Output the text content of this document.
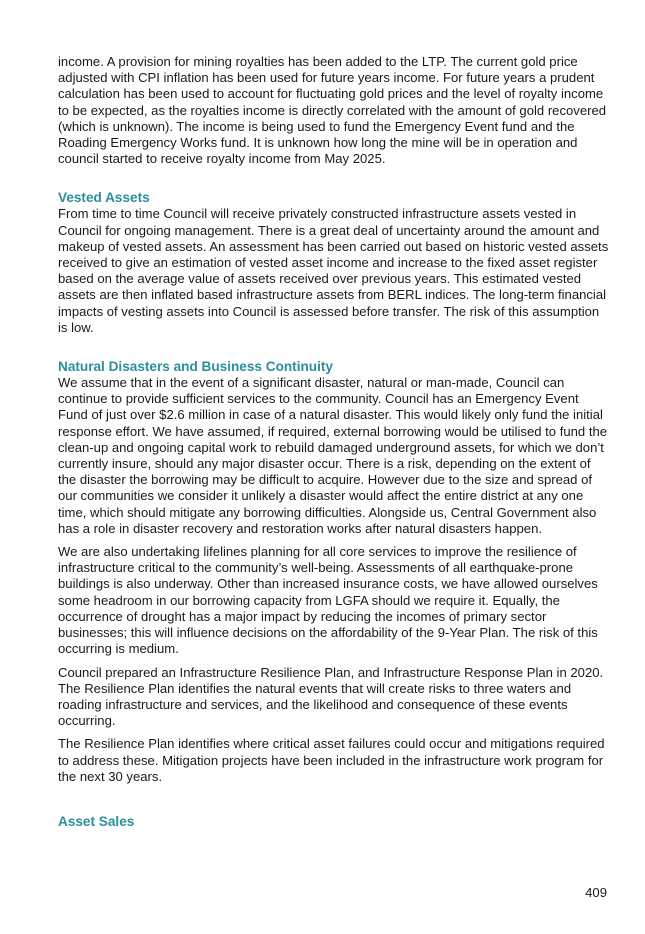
income. A provision for mining royalties has been added to the LTP. The current gold price adjusted with CPI inflation has been used for future years income. For future years a prudent calculation has been used to account for fluctuating gold prices and the level of royalty income to be expected, as the royalties income is directly correlated with the amount of gold recovered (which is unknown). The income is being used to fund the Emergency Event fund and the Roading Emergency Works fund. It is unknown how long the mine will be in operation and council started to receive royalty income from May 2025.

Vested Assets

From time to time Council will receive privately constructed infrastructure assets vested in Council for ongoing management. There is a great deal of uncertainty around the amount and makeup of vested assets. An assessment has been carried out based on historic vested assets received to give an estimation of vested asset income and increase to the fixed asset register based on the average value of assets received over previous years. This estimated vested assets are then inflated based infrastructure assets from BERL indices. The long-term financial impacts of vesting assets into Council is assessed before transfer. The risk of this assumption is low.

Natural Disasters and Business Continuity

We assume that in the event of a significant disaster, natural or man-made, Council can continue to provide sufficient services to the community. Council has an Emergency Event Fund of just over $2.6 million in case of a natural disaster. This would likely only fund the initial response effort. We have assumed, if required, external borrowing would be utilised to fund the clean-up and ongoing capital work to rebuild damaged underground assets, for which we don’t currently insure, should any major disaster occur. There is a risk, depending on the extent of the disaster the borrowing may be difficult to acquire. However due to the size and spread of our communities we consider it unlikely a disaster would affect the entire district at any one time, which should mitigate any borrowing difficulties. Alongside us, Central Government also has a role in disaster recovery and restoration works after natural disasters happen.

We are also undertaking lifelines planning for all core services to improve the resilience of infrastructure critical to the community’s well-being. Assessments of all earthquake-prone buildings is also underway. Other than increased insurance costs, we have allowed ourselves some headroom in our borrowing capacity from LGFA should we require it. Equally, the occurrence of drought has a major impact by reducing the incomes of primary sector businesses; this will influence decisions on the affordability of the 9-Year Plan. The risk of this occurring is medium.

Council prepared an Infrastructure Resilience Plan, and Infrastructure Response Plan in 2020. The Resilience Plan identifies the natural events that will create risks to three waters and roading infrastructure and services, and the likelihood and consequence of these events occurring.

The Resilience Plan identifies where critical asset failures could occur and mitigations required to address these. Mitigation projects have been included in the infrastructure work program for the next 30 years.

Asset Sales
409
